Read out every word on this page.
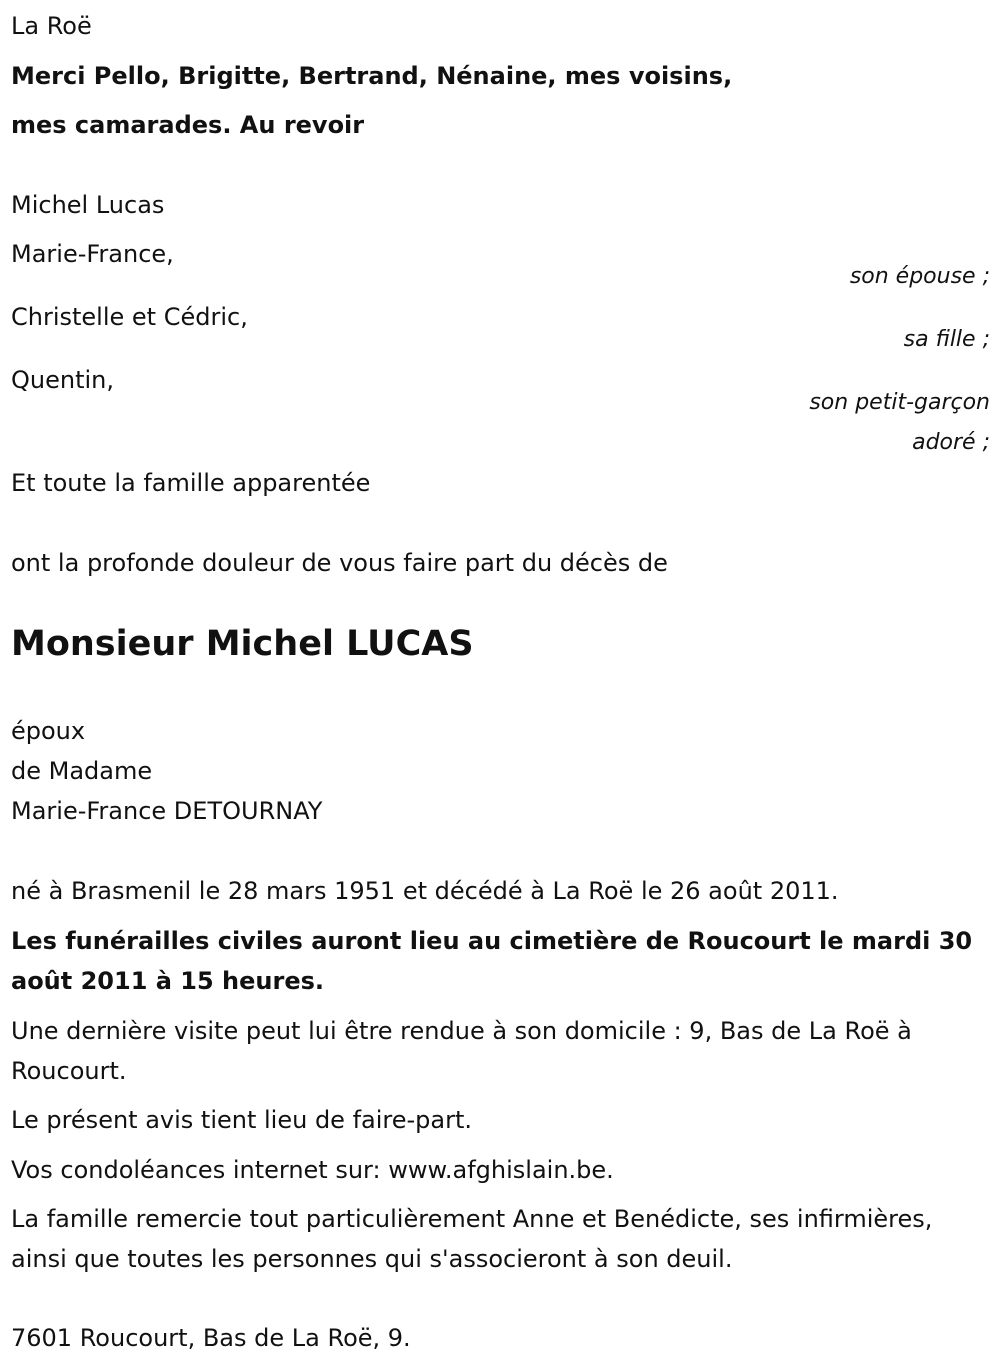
La Roë
Merci Pello, Brigitte, Bertrand, Nénaine, mes voisins,
mes camarades. Au revoir
Michel Lucas
Marie-France,
son épouse ;
Christelle et Cédric,
sa fille ;
Quentin,
son petit-garçon
adoré ;
Et toute la famille apparentée
ont la profonde douleur de vous faire part du décès de
Monsieur Michel LUCAS
époux
de Madame
Marie-France DETOURNAY
né à Brasmenil le 28 mars 1951 et décédé à La Roë le 26 août 2011.
Les funérailles civiles auront lieu au cimetière de Roucourt le mardi 30 août 2011 à 15 heures.
Une dernière visite peut lui être rendue à son domicile : 9, Bas de La Roë à Roucourt.
Le présent avis tient lieu de faire-part.
Vos condoléances internet sur: www.afghislain.be.
La famille remercie tout particulièrement Anne et Benédicte, ses infirmières, ainsi que toutes les personnes qui s'associeront à son deuil.
7601 Roucourt, Bas de La Roë, 9.
